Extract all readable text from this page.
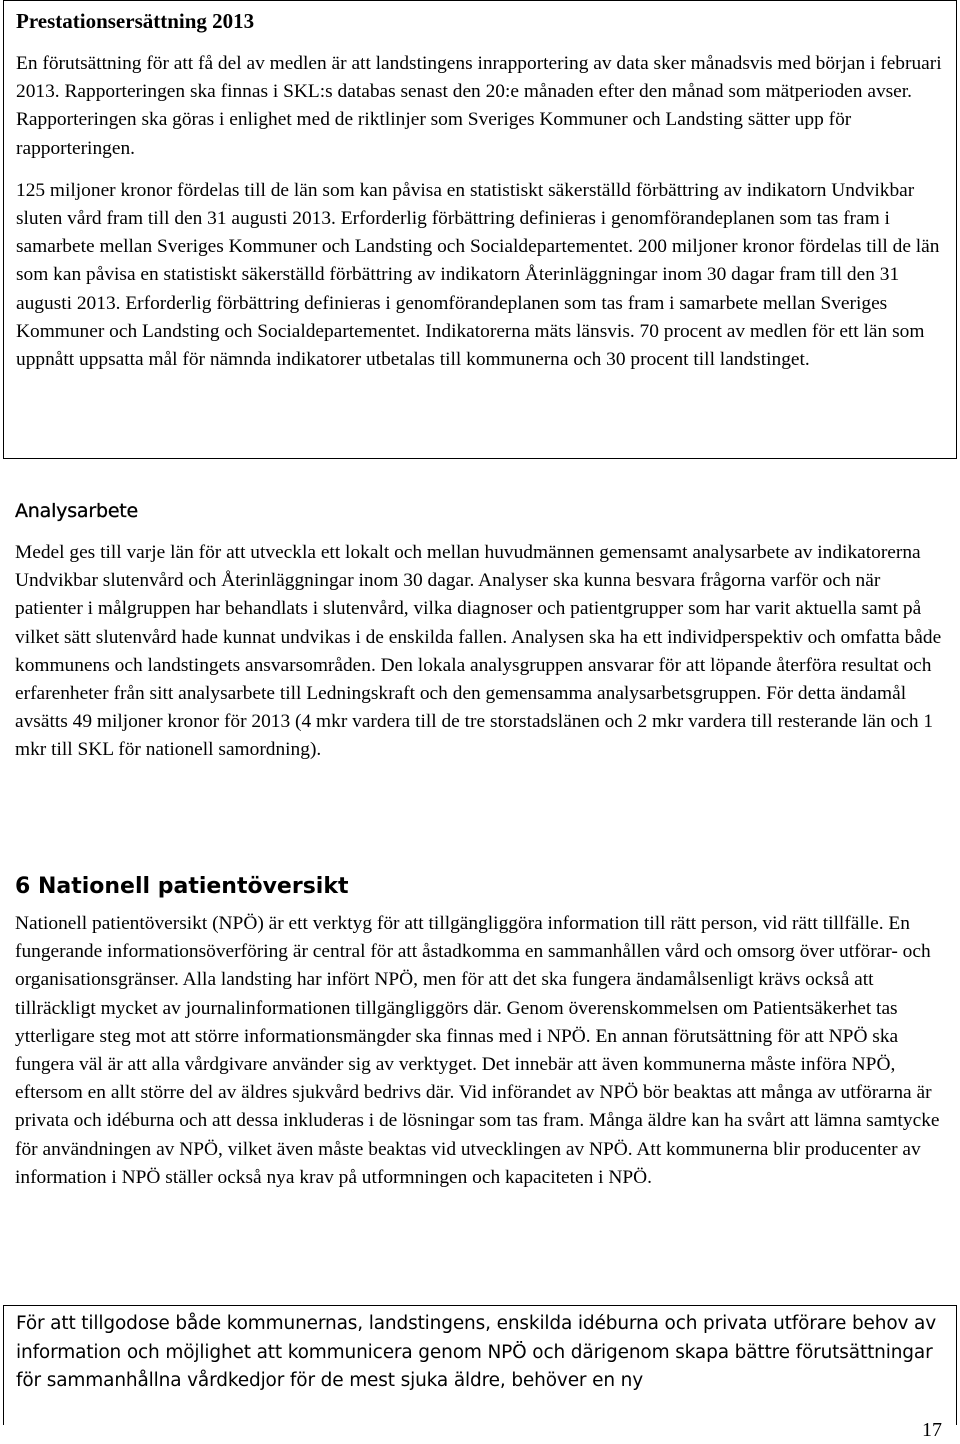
Prestationsersättning 2013

En förutsättning för att få del av medlen är att landstingens inrapportering av data sker månadsvis med början i februari 2013. Rapporteringen ska finnas i SKL:s databas senast den 20:e månaden efter den månad som mätperioden avser. Rapporteringen ska göras i enlighet med de riktlinjer som Sveriges Kommuner och Landsting sätter upp för rapporteringen.

125 miljoner kronor fördelas till de län som kan påvisa en statistiskt säkerställd förbättring av indikatorn Undvikbar sluten vård fram till den 31 augusti 2013. Erforderlig förbättring definieras i genomförandeplanen som tas fram i samarbete mellan Sveriges Kommuner och Landsting och Socialdepartementet. 200 miljoner kronor fördelas till de län som kan påvisa en statistiskt säkerställd förbättring av indikatorn Återinläggningar inom 30 dagar fram till den 31 augusti 2013. Erforderlig förbättring definieras i genomförandeplanen som tas fram i samarbete mellan Sveriges Kommuner och Landsting och Socialdepartementet. Indikatorerna mäts länsvis. 70 procent av medlen för ett län som uppnått uppsatta mål för nämnda indikatorer utbetalas till kommunerna och 30 procent till landstinget.

Analysarbete

Medel ges till varje län för att utveckla ett lokalt och mellan huvudmännen gemensamt analysarbete av indikatorerna Undvikbar slutenvård och Återinläggningar inom 30 dagar. Analyser ska kunna besvara frågorna varför och när patienter i målgruppen har behandlats i slutenvård, vilka diagnoser och patientgrupper som har varit aktuella samt på vilket sätt slutenvård hade kunnat undvikas i de enskilda fallen. Analysen ska ha ett individperspektiv och omfatta både kommunens och landstingets ansvarsområden. Den lokala analysgruppen ansvarar för att löpande återföra resultat och erfarenheter från sitt analysarbete till Ledningskraft och den gemensamma analysarbetsgruppen. För detta ändamål avsätts 49 miljoner kronor för 2013 (4 mkr vardera till de tre storstadslänen och 2 mkr vardera till resterande län och 1 mkr till SKL för nationell samordning).

6 Nationell patientöversikt

Nationell patientöversikt (NPÖ) är ett verktyg för att tillgängliggöra information till rätt person, vid rätt tillfälle. En fungerande informationsöverföring är central för att åstadkomma en sammanhållen vård och omsorg över utförar- och organisationsgränser. Alla landsting har infört NPÖ, men för att det ska fungera ändamålsenligt krävs också att tillräckligt mycket av journalinformationen tillgängliggörs där. Genom överenskommelsen om Patientsäkerhet tas ytterligare steg mot att större informationsmängder ska finnas med i NPÖ. En annan förutsättning för att NPÖ ska fungera väl är att alla vårdgivare använder sig av verktyget. Det innebär att även kommunerna måste införa NPÖ, eftersom en allt större del av äldres sjukvård bedrivs där. Vid införandet av NPÖ bör beaktas att många av utförarna är privata och idéburna och att dessa inkluderas i de lösningar som tas fram. Många äldre kan ha svårt att lämna samtycke för användningen av NPÖ, vilket även måste beaktas vid utvecklingen av NPÖ. Att kommunerna blir producenter av information i NPÖ ställer också nya krav på utformningen och kapaciteten i NPÖ.

För att tillgodose både kommunernas, landstingens, enskilda idéburna och privata utförare behov av information och möjlighet att kommunicera genom NPÖ och därigenom skapa bättre förutsättningar för sammanhållna vårdkedjor för de mest sjuka äldre, behöver en ny

17
